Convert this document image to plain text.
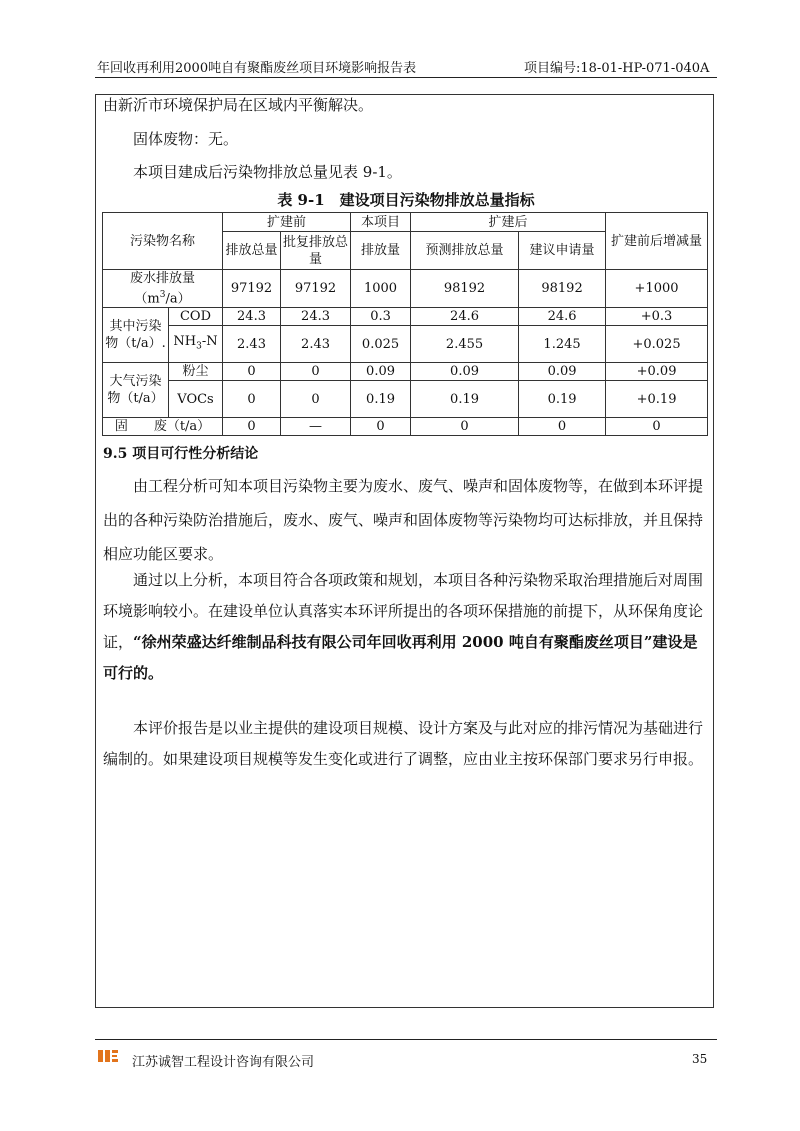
年回收再利用2000吨自有聚酯废丝项目环境影响报告表	项目编号:18-01-HP-071-040A
由新沂市环境保护局在区域内平衡解决。
固体废物：无。
本项目建成后污染物排放总量见表 9-1。
表 9-1　建设项目污染物排放总量指标
污染物名称		扩建前		本项目	扩建后		扩建前后增减量
		排放总量	批复排放总量	排放量	预测排放总量	建议申请量	
废水排放量
$(m^3/a)$		97192	97192	1000	98192	98192	+1000
其中污染物（t/a）.	COD	24.3	24.3	0.3	24.6	24.6	+0.3
	$NH_3-N$	2.43	2.43	0.025	2.455	1.245	+0.025
大气污染物（t/a）	粉尘	0	0	0.09	0.09	0.09	+0.09
	VOCs	0	0	0.19	0.19	0.19	+0.19
固　　废（t/a）		0	—	0	0	0	0
9.5 项目可行性分析结论
由工程分析可知本项目污染物主要为废水、废气、噪声和固体废物等，在做到本环评提出的各种污染防治措施后，废水、废气、噪声和固体废物等污染物均可达标排放，并且保持相应功能区要求。
通过以上分析，本项目符合各项政策和规划，本项目各种污染物采取治理措施后对周围环境影响较小。在建设单位认真落实本环评所提出的各项环保措施的前提下，从环保角度论证，“徐州荣盛达纤维制品科技有限公司年回收再利用 2000 吨自有聚酯废丝项目”建设是可行的。
本评价报告是以业主提供的建设项目规模、设计方案及与此对应的排污情况为基础进行编制的。如果建设项目规模等发生变化或进行了调整，应由业主按环保部门要求另行申报。
江苏诚智工程设计咨询有限公司	35
